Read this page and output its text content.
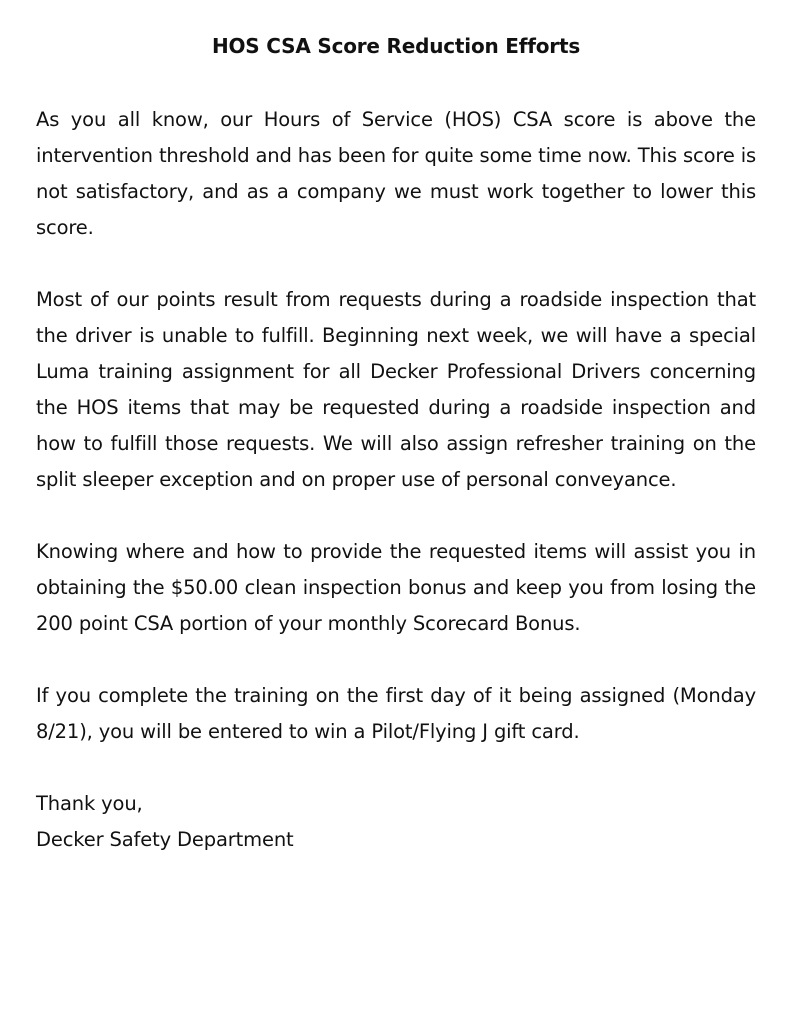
HOS CSA Score Reduction Efforts

As you all know, our Hours of Service (HOS) CSA score is above the intervention threshold and has been for quite some time now. This score is not satisfactory, and as a company we must work together to lower this score.

Most of our points result from requests during a roadside inspection that the driver is unable to fulfill. Beginning next week, we will have a special Luma training assignment for all Decker Professional Drivers concerning the HOS items that may be requested during a roadside inspection and how to fulfill those requests. We will also assign refresher training on the split sleeper exception and on proper use of personal conveyance.

Knowing where and how to provide the requested items will assist you in obtaining the $50.00 clean inspection bonus and keep you from losing the 200 point CSA portion of your monthly Scorecard Bonus.

If you complete the training on the first day of it being assigned (Monday 8/21), you will be entered to win a Pilot/Flying J gift card.

Thank you,
Decker Safety Department
